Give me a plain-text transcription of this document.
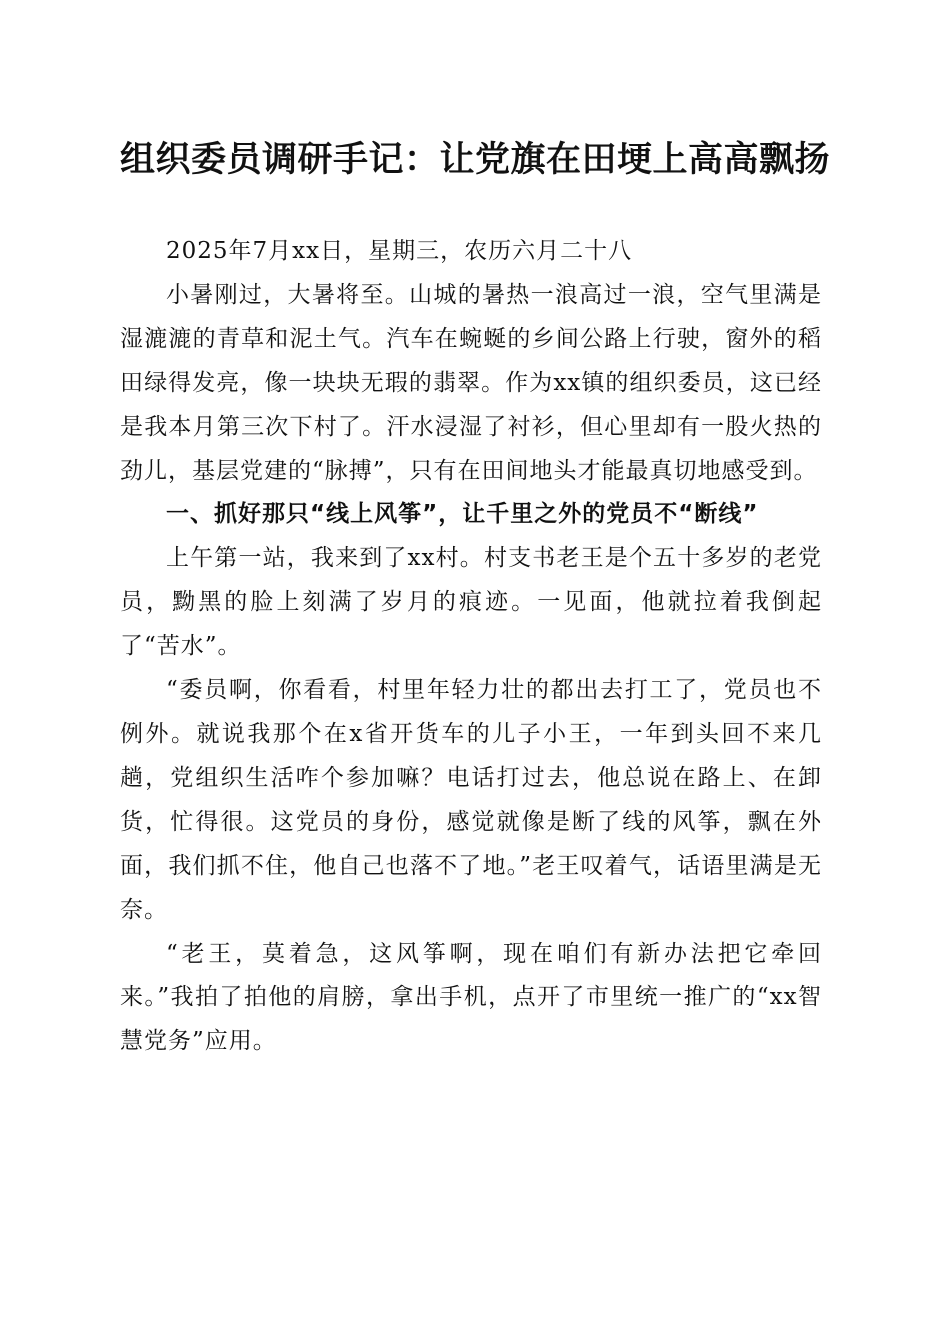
组织委员调研手记：让党旗在田埂上高高飘扬

2025年7月xx日，星期三，农历六月二十八

小暑刚过，大暑将至。山城的暑热一浪高过一浪，空气里满是湿漉漉的青草和泥土气。汽车在蜿蜒的乡间公路上行驶，窗外的稻田绿得发亮，像一块块无瑕的翡翠。作为xx镇的组织委员，这已经是我本月第三次下村了。汗水浸湿了衬衫，但心里却有一股火热的劲儿，基层党建的“脉搏”，只有在田间地头才能最真切地感受到。

一、抓好那只“线上风筝”，让千里之外的党员不“断线”

上午第一站，我来到了xx村。村支书老王是个五十多岁的老党员，黝黑的脸上刻满了岁月的痕迹。一见面，他就拉着我倒起了“苦水”。

“委员啊，你看看，村里年轻力壮的都出去打工了，党员也不例外。就说我那个在x省开货车的儿子小王，一年到头回不来几趟，党组织生活咋个参加嘛？电话打过去，他总说在路上、在卸货，忙得很。这党员的身份，感觉就像是断了线的风筝，飘在外面，我们抓不住，他自己也落不了地。”老王叹着气，话语里满是无奈。

“老王，莫着急，这风筝啊，现在咱们有新办法把它牵回来。”我拍了拍他的肩膀，拿出手机，点开了市里统一推广的“xx智慧党务”应用。
